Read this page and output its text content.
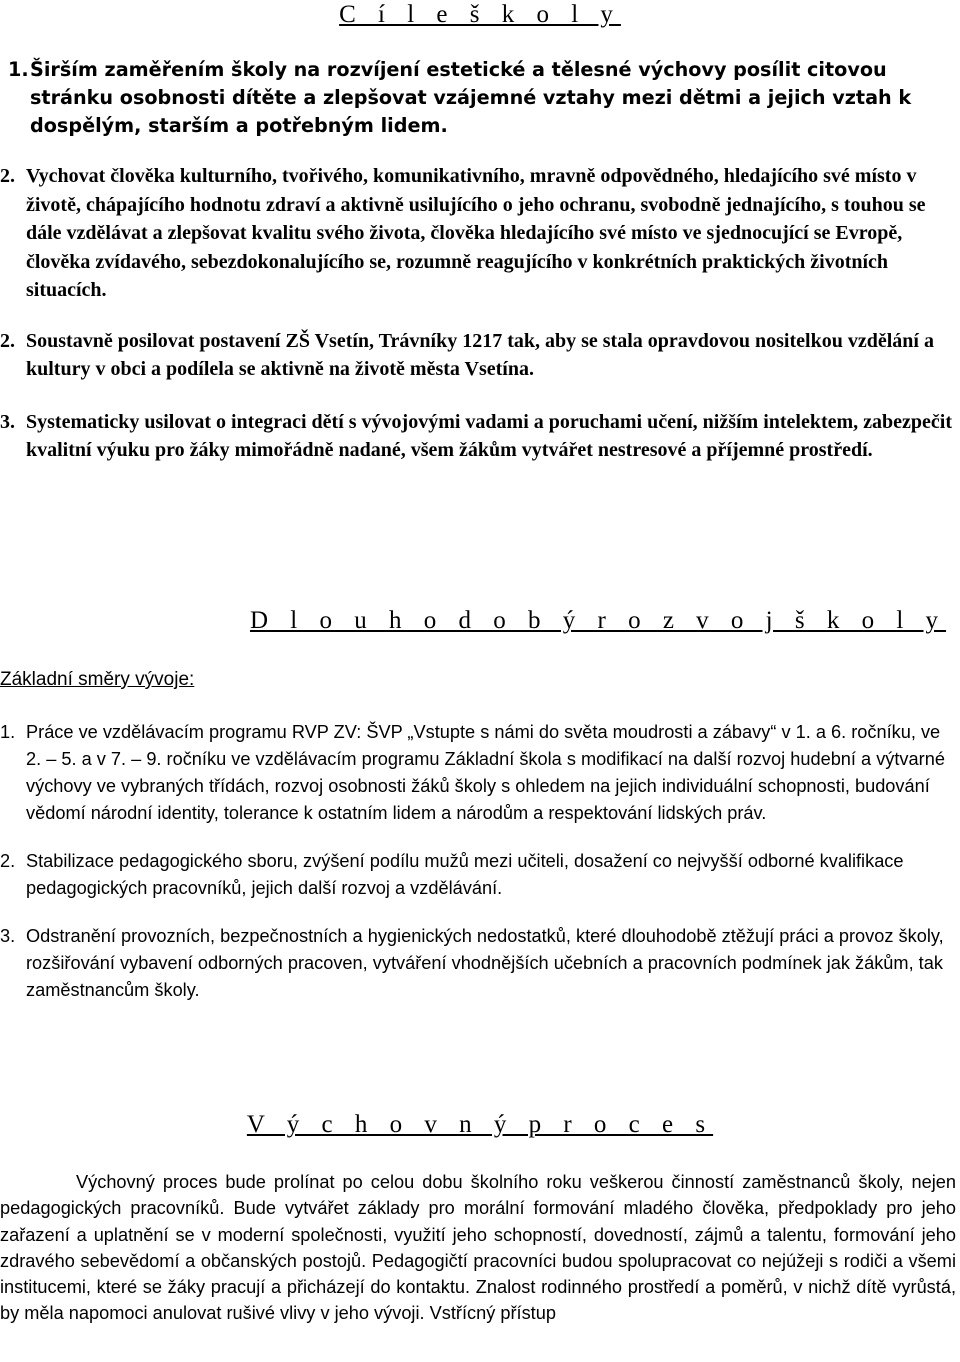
C í l e š k o l y
1. Širším zaměřením školy na rozvíjení estetické a tělesné výchovy posílit citovou stránku osobnosti dítěte a zlepšovat vzájemné vztahy mezi dětmi a jejich vztah k dospělým, starším a potřebným lidem.
2. Vychovat člověka kulturního, tvořivého, komunikativního, mravně odpovědného, hledajícího své místo v životě, chápajícího hodnotu zdraví a aktivně usilujícího o jeho ochranu, svobodně jednajícího, s touhou se dále vzdělávat a zlepšovat kvalitu svého života, člověka hledajícího své místo ve sjednocující se Evropě, člověka zvídavého, sebezdokonalujícího se, rozumně reagujícího v konkrétních praktických životních situacích.
2. Soustavně posilovat postavení ZŠ Vsetín, Trávníky 1217 tak, aby se stala opravdovou nositelkou vzdělání a kultury v obci a podílela se aktivně na životě města Vsetína.
3. Systematicky usilovat o integraci dětí s vývojovými vadami a poruchami učení, nižším intelektem, zabezpečit kvalitní výuku pro žáky mimořádně nadané, všem žákům vytvářet nestresové a příjemné prostředí.
D l o u h o d o b ý r o z v o j š k o l y
Základní směry vývoje:
1. Práce ve vzdělávacím programu RVP ZV: ŠVP „Vstupte s námi do světa moudrosti a zábavy“ v 1. a 6. ročníku, ve 2. – 5. a v 7. – 9. ročníku ve vzdělávacím programu Základní škola s modifikací na další rozvoj hudební a výtvarné výchovy ve vybraných třídách, rozvoj osobnosti žáků školy s ohledem na jejich individuální schopnosti, budování vědomí národní identity, tolerance k ostatním lidem a národům a respektování lidských práv.
2. Stabilizace pedagogického sboru, zvýšení podílu mužů mezi učiteli, dosažení co nejvyšší odborné kvalifikace pedagogických pracovníků, jejich další rozvoj a vzdělávání.
3. Odstranění provozních, bezpečnostních a hygienických nedostatků, které dlouhodobě ztěžují práci a provoz školy, rozšiřování vybavení odborných pracoven, vytváření vhodnějších učebních a pracovních podmínek jak žákům, tak zaměstnancům školy.
V ý c h o v n ý p r o c e s
Výchovný proces bude prolínat po celou dobu školního roku veškerou činností zaměstnanců školy, nejen pedagogických pracovníků. Bude vytvářet základy pro morální formování mladého člověka, předpoklady pro jeho zařazení a uplatnění se v moderní společnosti, využití jeho schopností, dovedností, zájmů a talentu, formování jeho zdravého sebevědomí a občanských postojů. Pedagogičtí pracovníci budou spolupracovat co nejúžeji s rodiči a všemi institucemi, které se žáky pracují a přicházejí do kontaktu. Znalost rodinného prostředí a poměrů, v nichž dítě vyrůstá, by měla napomoci anulovat rušivé vlivy v jeho vývoji. Vstřícný přístup
